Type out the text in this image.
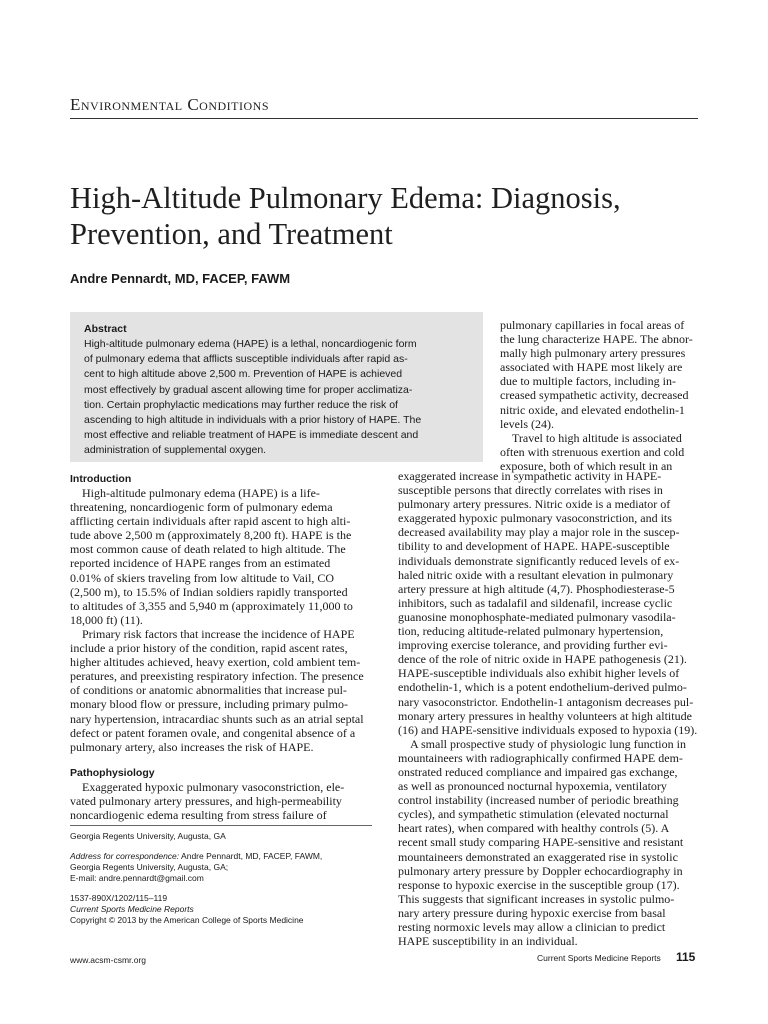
Environmental Conditions
High-Altitude Pulmonary Edema: Diagnosis,
Prevention, and Treatment
Andre Pennardt, MD, FACEP, FAWM
Abstract
High-altitude pulmonary edema (HAPE) is a lethal, noncardiogenic form
of pulmonary edema that afflicts susceptible individuals after rapid as-
cent to high altitude above 2,500 m. Prevention of HAPE is achieved
most effectively by gradual ascent allowing time for proper acclimatiza-
tion. Certain prophylactic medications may further reduce the risk of
ascending to high altitude in individuals with a prior history of HAPE. The
most effective and reliable treatment of HAPE is immediate descent and
administration of supplemental oxygen.
Introduction
High-altitude pulmonary edema (HAPE) is a life-
threatening, noncardiogenic form of pulmonary edema
afflicting certain individuals after rapid ascent to high alti-
tude above 2,500 m (approximately 8,200 ft). HAPE is the
most common cause of death related to high altitude. The
reported incidence of HAPE ranges from an estimated
0.01% of skiers traveling from low altitude to Vail, CO
(2,500 m), to 15.5% of Indian soldiers rapidly transported
to altitudes of 3,355 and 5,940 m (approximately 11,000 to
18,000 ft) (11).
Primary risk factors that increase the incidence of HAPE
include a prior history of the condition, rapid ascent rates,
higher altitudes achieved, heavy exertion, cold ambient tem-
peratures, and preexisting respiratory infection. The presence
of conditions or anatomic abnormalities that increase pul-
monary blood flow or pressure, including primary pulmo-
nary hypertension, intracardiac shunts such as an atrial septal
defect or patent foramen ovale, and congenital absence of a
pulmonary artery, also increases the risk of HAPE.
Pathophysiology
Exaggerated hypoxic pulmonary vasoconstriction, ele-
vated pulmonary artery pressures, and high-permeability
noncardiogenic edema resulting from stress failure of
pulmonary capillaries in focal areas of
the lung characterize HAPE. The abnor-
mally high pulmonary artery pressures
associated with HAPE most likely are
due to multiple factors, including in-
creased sympathetic activity, decreased
nitric oxide, and elevated endothelin-1
levels (24).
Travel to high altitude is associated
often with strenuous exertion and cold
exposure, both of which result in an
exaggerated increase in sympathetic activity in HAPE-
susceptible persons that directly correlates with rises in
pulmonary artery pressures. Nitric oxide is a mediator of
exaggerated hypoxic pulmonary vasoconstriction, and its
decreased availability may play a major role in the suscep-
tibility to and development of HAPE. HAPE-susceptible
individuals demonstrate significantly reduced levels of ex-
haled nitric oxide with a resultant elevation in pulmonary
artery pressure at high altitude (4,7). Phosphodiesterase-5
inhibitors, such as tadalafil and sildenafil, increase cyclic
guanosine monophosphate-mediated pulmonary vasodila-
tion, reducing altitude-related pulmonary hypertension,
improving exercise tolerance, and providing further evi-
dence of the role of nitric oxide in HAPE pathogenesis (21).
HAPE-susceptible individuals also exhibit higher levels of
endothelin-1, which is a potent endothelium-derived pulmo-
nary vasoconstrictor. Endothelin-1 antagonism decreases pul-
monary artery pressures in healthy volunteers at high altitude
(16) and HAPE-sensitive individuals exposed to hypoxia (19).
A small prospective study of physiologic lung function in
mountaineers with radiographically confirmed HAPE dem-
onstrated reduced compliance and impaired gas exchange,
as well as pronounced nocturnal hypoxemia, ventilatory
control instability (increased number of periodic breathing
cycles), and sympathetic stimulation (elevated nocturnal
heart rates), when compared with healthy controls (5). A
recent small study comparing HAPE-sensitive and resistant
mountaineers demonstrated an exaggerated rise in systolic
pulmonary artery pressure by Doppler echocardiography in
response to hypoxic exercise in the susceptible group (17).
This suggests that significant increases in systolic pulmo-
nary artery pressure during hypoxic exercise from basal
resting normoxic levels may allow a clinician to predict
HAPE susceptibility in an individual.
Georgia Regents University, Augusta, GA
Address for correspondence: Andre Pennardt, MD, FACEP, FAWM,
Georgia Regents University, Augusta, GA;
E-mail: andre.pennardt@gmail.com
1537-890X/1202/115–119
Current Sports Medicine Reports
Copyright © 2013 by the American College of Sports Medicine
www.acsm-csmr.org	Current Sports Medicine Reports 115
